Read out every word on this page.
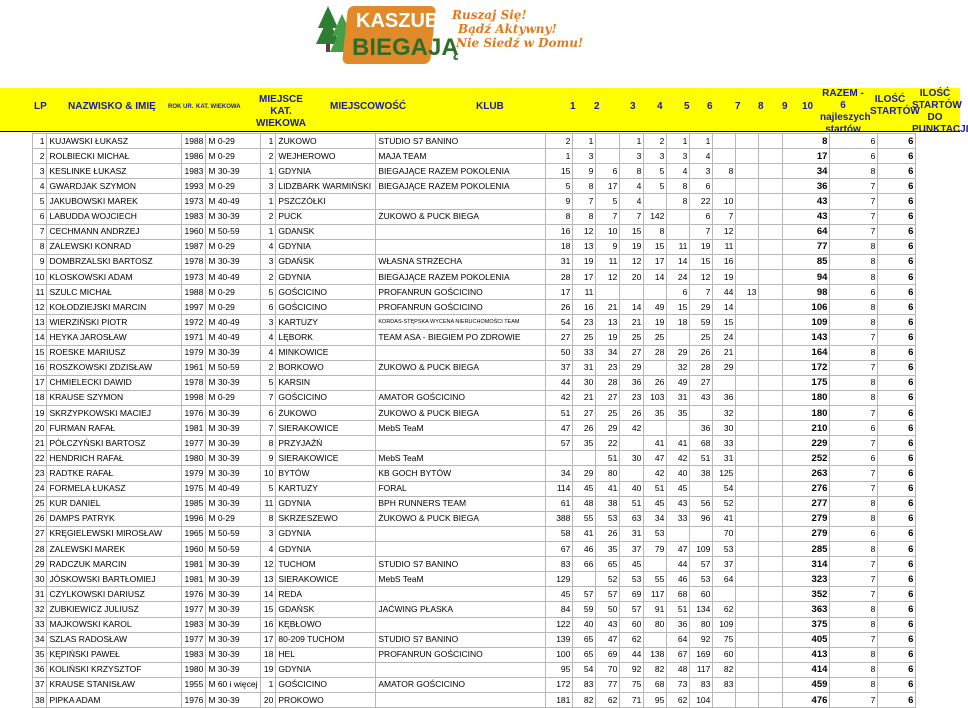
KASZUBY
BIEGAJĄ
Ruszaj Się!
Bądź Aktywny!
Nie Siedź w Domu!
LP NAZWISKO & IMIĘ ROK UR. KAT. WIEKOWA
MIEJSCE KAT. WIEKOWA
MIEJSCOWOŚĆ	KLUB	1 2	3 4 5 6 7 8 9 10
RAZEM - 6 najleszych startów
ILOŚĆ STARTÓW
ILOŚĆ STARTÓW DO PUNKTACJI
1	KUJAWSKI ŁUKASZ	1988	M 0-29	1	ŻUKOWO	STUDIO S7 BANINO	2	1		1	2	1	1				8	6	6
2	ROLBIECKI MICHAŁ	1986	M 0-29	2	WEJHEROWO	MAJA TEAM	1	3		3	3	3	4				17	6	6
3	KESLINKE ŁUKASZ	1983	M 30-39	1	GDYNIA	BIEGAJĄCE RAZEM POKOLENIA	15	9	6	8	5	4	3	8			34	8	6
4	GWARDJAK SZYMON	1993	M 0-29	3	LIDZBARK WARMIŃSKI	BIEGAJĄCE RAZEM POKOLENIA	5	8	17	4	5	8	6				36	7	6
5	JAKUBOWSKI MAREK	1973	M 40-49	1	PSZCZÓŁKI		9	7	5	4		8	22	10			43	7	6
6	LABUDDA WOJCIECH	1983	M 30-39	2	PUCK	ŻUKOWO & PUCK BIEGA	8	8	7	7	142		6	7			43	7	6
7	CECHMANN ANDRZEJ	1960	M 50-59	1	GDANSK		16	12	10	15	8		7	12			64	7	6
8	ZALEWSKI KONRAD	1987	M 0-29	4	GDYNIA		18	13	9	19	15	11	19	11			77	8	6
9	DOMBRZALSKI BARTOSZ	1978	M 30-39	3	GDAŃSK	WŁASNA STRZECHA	31	19	11	12	17	14	15	16			85	8	6
10	KLOSKOWSKI ADAM	1973	M 40-49	2	GDYNIA	BIEGAJĄCE RAZEM POKOLENIA	28	17	12	20	14	24	12	19			94	8	6
11	SZULC MICHAŁ	1988	M 0-29	5	GOŚCICINO	PROFANRUN GOŚCICINO	17	11				6	7	44	13		98	6	6
12	KOŁODZIEJSKI MARCIN	1997	M 0-29	6	GOŚCICINO	PROFANRUN GOŚCICINO	26	16	21	14	49	15	29	14			106	8	6
13	WIERZIŃSKI PIOTR	1972	M 40-49	3	KARTUZY	KORDAS-STĘPSKA WYCENA NIERUCHOMOŚCI TEAM	54	23	13	21	19	18	59	15			109	8	6
14	HEYKA JAROSŁAW	1971	M 40-49	4	LĘBORK	TEAM ASA - BIEGIEM PO ZDROWIE	27	25	19	25	25		25	24			143	7	6
15	ROESKE MARIUSZ	1979	M 30-39	4	MINKOWICE		50	33	34	27	28	29	26	21			164	8	6
16	ROSZKOWSKI ZDZISŁAW	1961	M 50-59	2	BORKOWO	ŻUKOWO & PUCK BIEGA	37	31	23	29		32	28	29			172	7	6
17	CHMIELECKI DAWID	1978	M 30-39	5	KARSIN		44	30	28	36	26	49	27				175	8	6
18	KRAUSE SZYMON	1998	M 0-29	7	GOŚCICINO	AMATOR GOŚCICINO	42	21	27	23	103	31	43	36			180	8	6
19	SKRZYPKOWSKI MACIEJ	1976	M 30-39	6	ŻUKOWO	ŻUKOWO & PUCK BIEGA	51	27	25	26	35	35		32			180	7	6
20	FURMAN RAFAŁ	1981	M 30-39	7	SIERAKOWICE	MebS TeaM	47	26	29	42			36	30			210	6	6
21	PÓŁCZYŃSKI BARTOSZ	1977	M 30-39	8	PRZYJAŹŃ		57	35	22		41	41	68	33			229	7	6
22	HENDRICH RAFAŁ	1980	M 30-39	9	SIERAKOWICE	MebS TeaM			51	30	47	42	51	31			252	6	6
23	RADTKE RAFAŁ	1979	M 30-39	10	BYTÓW	KB GOCH BYTÓW	34	29	80		42	40	38	125			263	7	6
24	FORMELA ŁUKASZ	1975	M 40-49	5	KARTUZY	FORAL	114	45	41	40	51	45		54			276	7	6
25	KUR DANIEL	1985	M 30-39	11	GDYNIA	BPH RUNNERS TEAM	61	48	38	51	45	43	56	52			277	8	6
26	DAMPS PATRYK	1996	M 0-29	8	SKRZESZEWO	ŻUKOWO & PUCK BIEGA	388	55	53	63	34	33	96	41			279	8	6
27	KRĘGIELEWSKI MIROSŁAW	1965	M 50-59	3	GDYNIA		58	41	26	31	53			70			279	6	6
28	ZALEWSKI MAREK	1960	M 50-59	4	GDYNIA		67	46	35	37	79	47	109	53			285	8	6
29	RADCZUK MARCIN	1981	M 30-39	12	TUCHOM	STUDIO S7 BANINO	83	66	65	45		44	57	37			314	7	6
30	JÓSKOWSKI BARTŁOMIEJ	1981	M 30-39	13	SIERAKOWICE	MebS TeaM	129		52	53	55	46	53	64			323	7	6
31	CZYLKOWSKI DARIUSZ	1976	M 30-39	14	REDA		45	57	57	69	117	68	60				352	7	6
32	ZUBKIEWICZ JULIUSZ	1977	M 30-39	15	GDAŃSK	JAĆWING PŁASKA	84	59	50	57	91	51	134	62			363	8	6
33	MAJKOWSKI KAROL	1983	M 30-39	16	KĘBŁOWO		122	40	43	60	80	36	80	109			375	8	6
34	SZLAS RADOSŁAW	1977	M 30-39	17	80-209 TUCHOM	STUDIO S7 BANINO	139	65	47	62		64	92	75			405	7	6
35	KĘPIŃSKI PAWEŁ	1983	M 30-39	18	HEL	PROFANRUN GOŚCICINO	100	65	69	44	138	67	169	60			413	8	6
36	KOLIŃSKI KRZYSZTOF	1980	M 30-39	19	GDYNIA		95	54	70	92	82	48	117	82			414	8	6
37	KRAUSE STANISŁAW	1955	M 60 i więcej	1	GOŚCICINO	AMATOR GOŚCICINO	172	83	77	75	68	73	83	83			459	8	6
38	PIPKA ADAM	1976	M 30-39	20	PROKOWO		181	82	62	71	95	62	104				476	7	6
